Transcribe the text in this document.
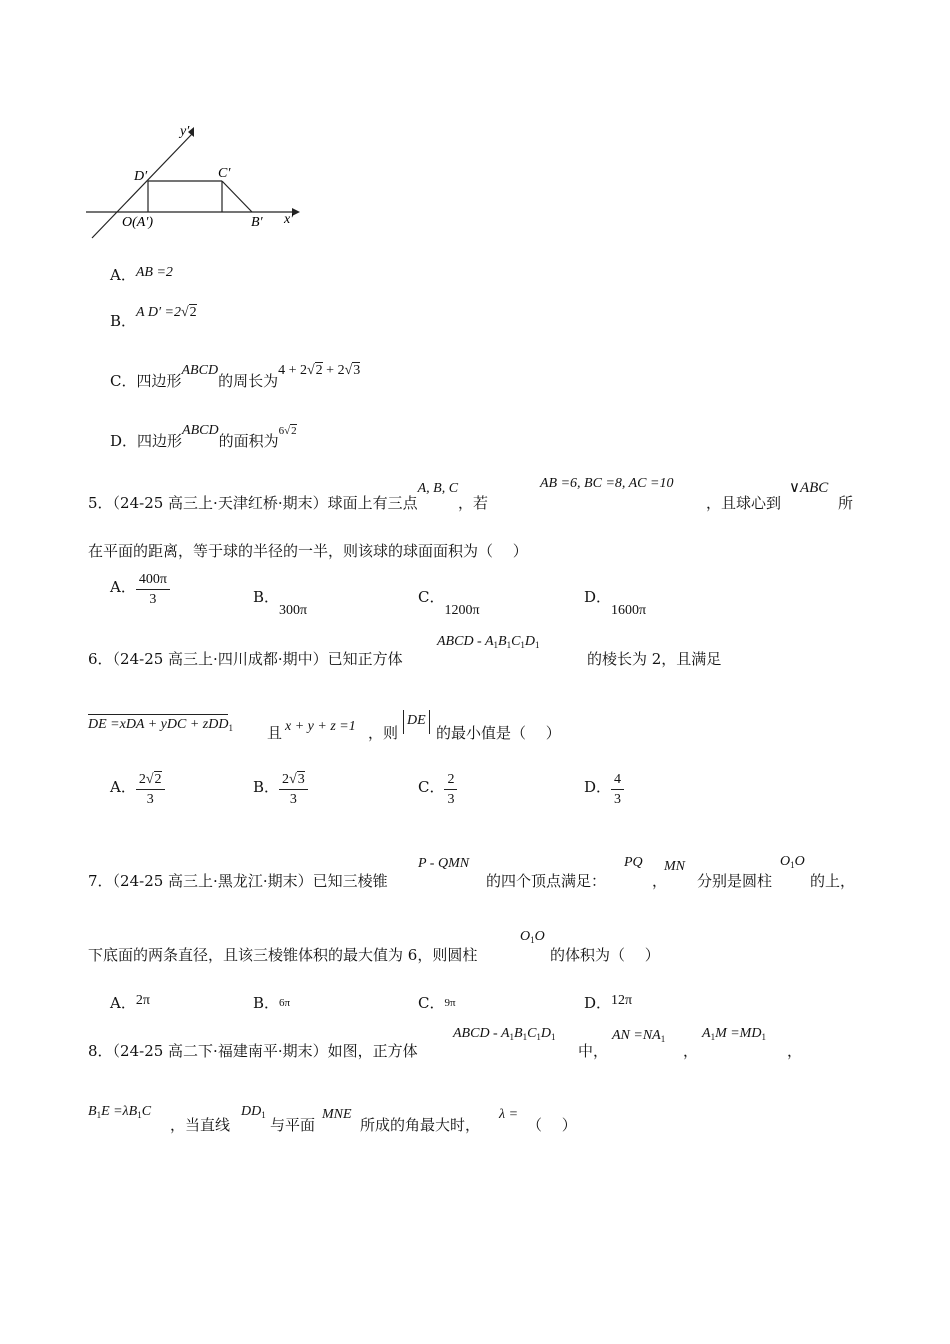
y′
D′	C′
O(A′)	B′ x′
A．AB =2
B．A D′ =2√2
C．四边形ABCD的周长为4 + 2√2 + 2√3
D．四边形ABCD的面积为6√2
5．（24-25 高三上·天津红桥·期末）球面上有三点A, B, C，若
AB =6, BC =8, AC =10
，且球心到
∨ABC
所
在平面的距离，等于球的半径的一半，则该球的球面面积为（　 ）
A． $\frac{400\pi}{3}$	B．300π
C．1200π
D．1600π
6．（24-25 高三上·四川成都·期中）已知正方体
ABCD - $A_1B_1C_1D_1$
的棱长为 2，且满足
DE =xDA + yDC + zDD$_1$ 且 x + y + z =1 ，则
DE
的最小值是（　 ）
A． $\frac{2√2}{3}$	B． $\frac{2√3}{3}$	C． $\frac{2}{3}$	D． $\frac{4}{3}$
7．（24-25 高三上·黑龙江·期末）已知三棱锥
P - QMN
的四个顶点满足：
PQ
，
MN
分别是圆柱
$O_1O$
的上，
下底面的两条直径，且该三棱锥体积的最大值为 6，则圆柱
$O_1O$
的体积为（　 ）
A．2π	B．6π	C．9π	D．12π
8．（24-25 高二下·福建南平·期末）如图，正方体
ABCD - $A_1B_1C_1D_1$
中，
AN $=NA_1$
，
$A_1M =MD_1$
，
$B_1E =\lambda B_1C$
，当直线
$DD_1$
与平面
MNE
所成的角最大时，
λ =
（　 ）
